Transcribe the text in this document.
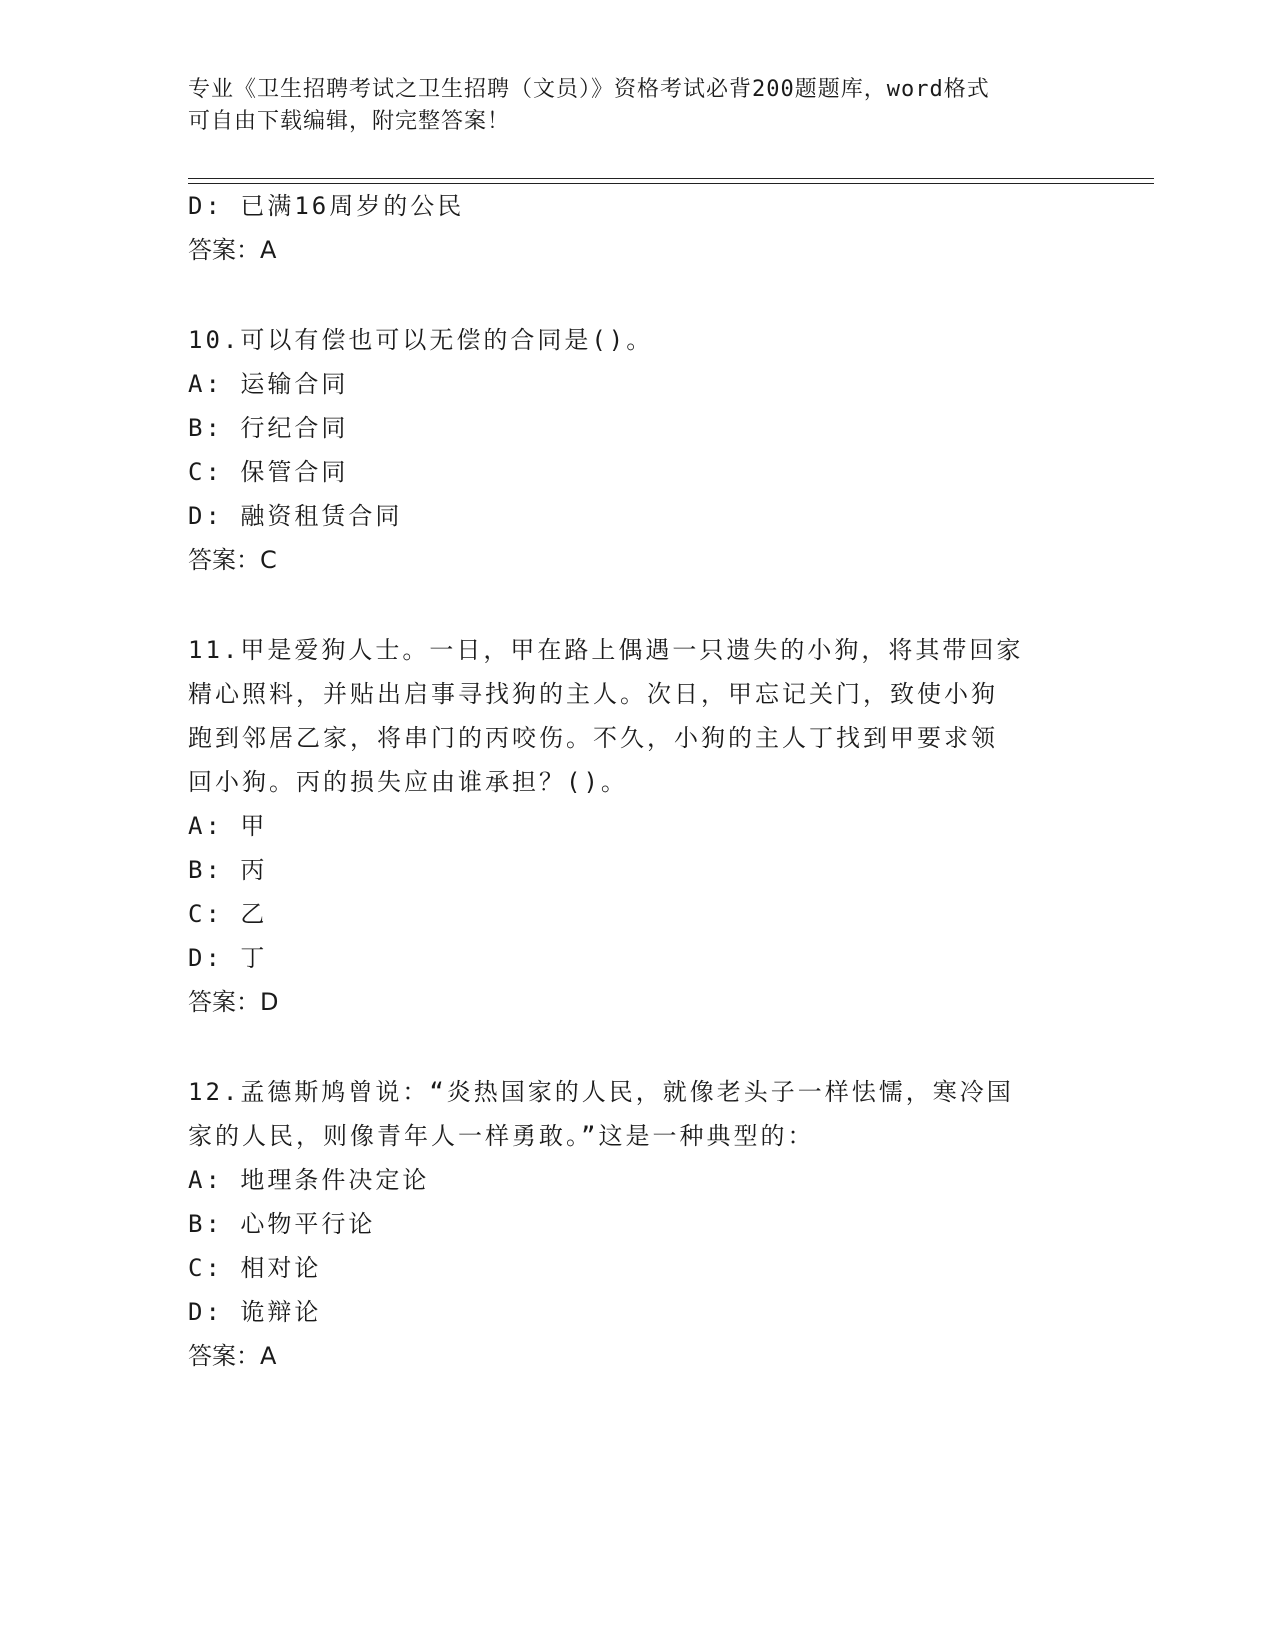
专业《卫生招聘考试之卫生招聘（文员）》资格考试必背200题题库，word格式
可自由下载编辑，附完整答案！
D: 已满16周岁的公民
答案：A
10.可以有偿也可以无偿的合同是()。
A: 运输合同
B: 行纪合同
C: 保管合同
D: 融资租赁合同
答案：C
11.甲是爱狗人士。一日，甲在路上偶遇一只遗失的小狗，将其带回家
精心照料，并贴出启事寻找狗的主人。次日，甲忘记关门，致使小狗
跑到邻居乙家，将串门的丙咬伤。不久，小狗的主人丁找到甲要求领
回小狗。丙的损失应由谁承担？()。
A: 甲
B: 丙
C: 乙
D: 丁
答案：D
12.孟德斯鸠曾说：“炎热国家的人民，就像老头子一样怯懦，寒冷国
家的人民，则像青年人一样勇敢。”这是一种典型的：
A: 地理条件决定论
B: 心物平行论
C: 相对论
D: 诡辩论
答案：A
